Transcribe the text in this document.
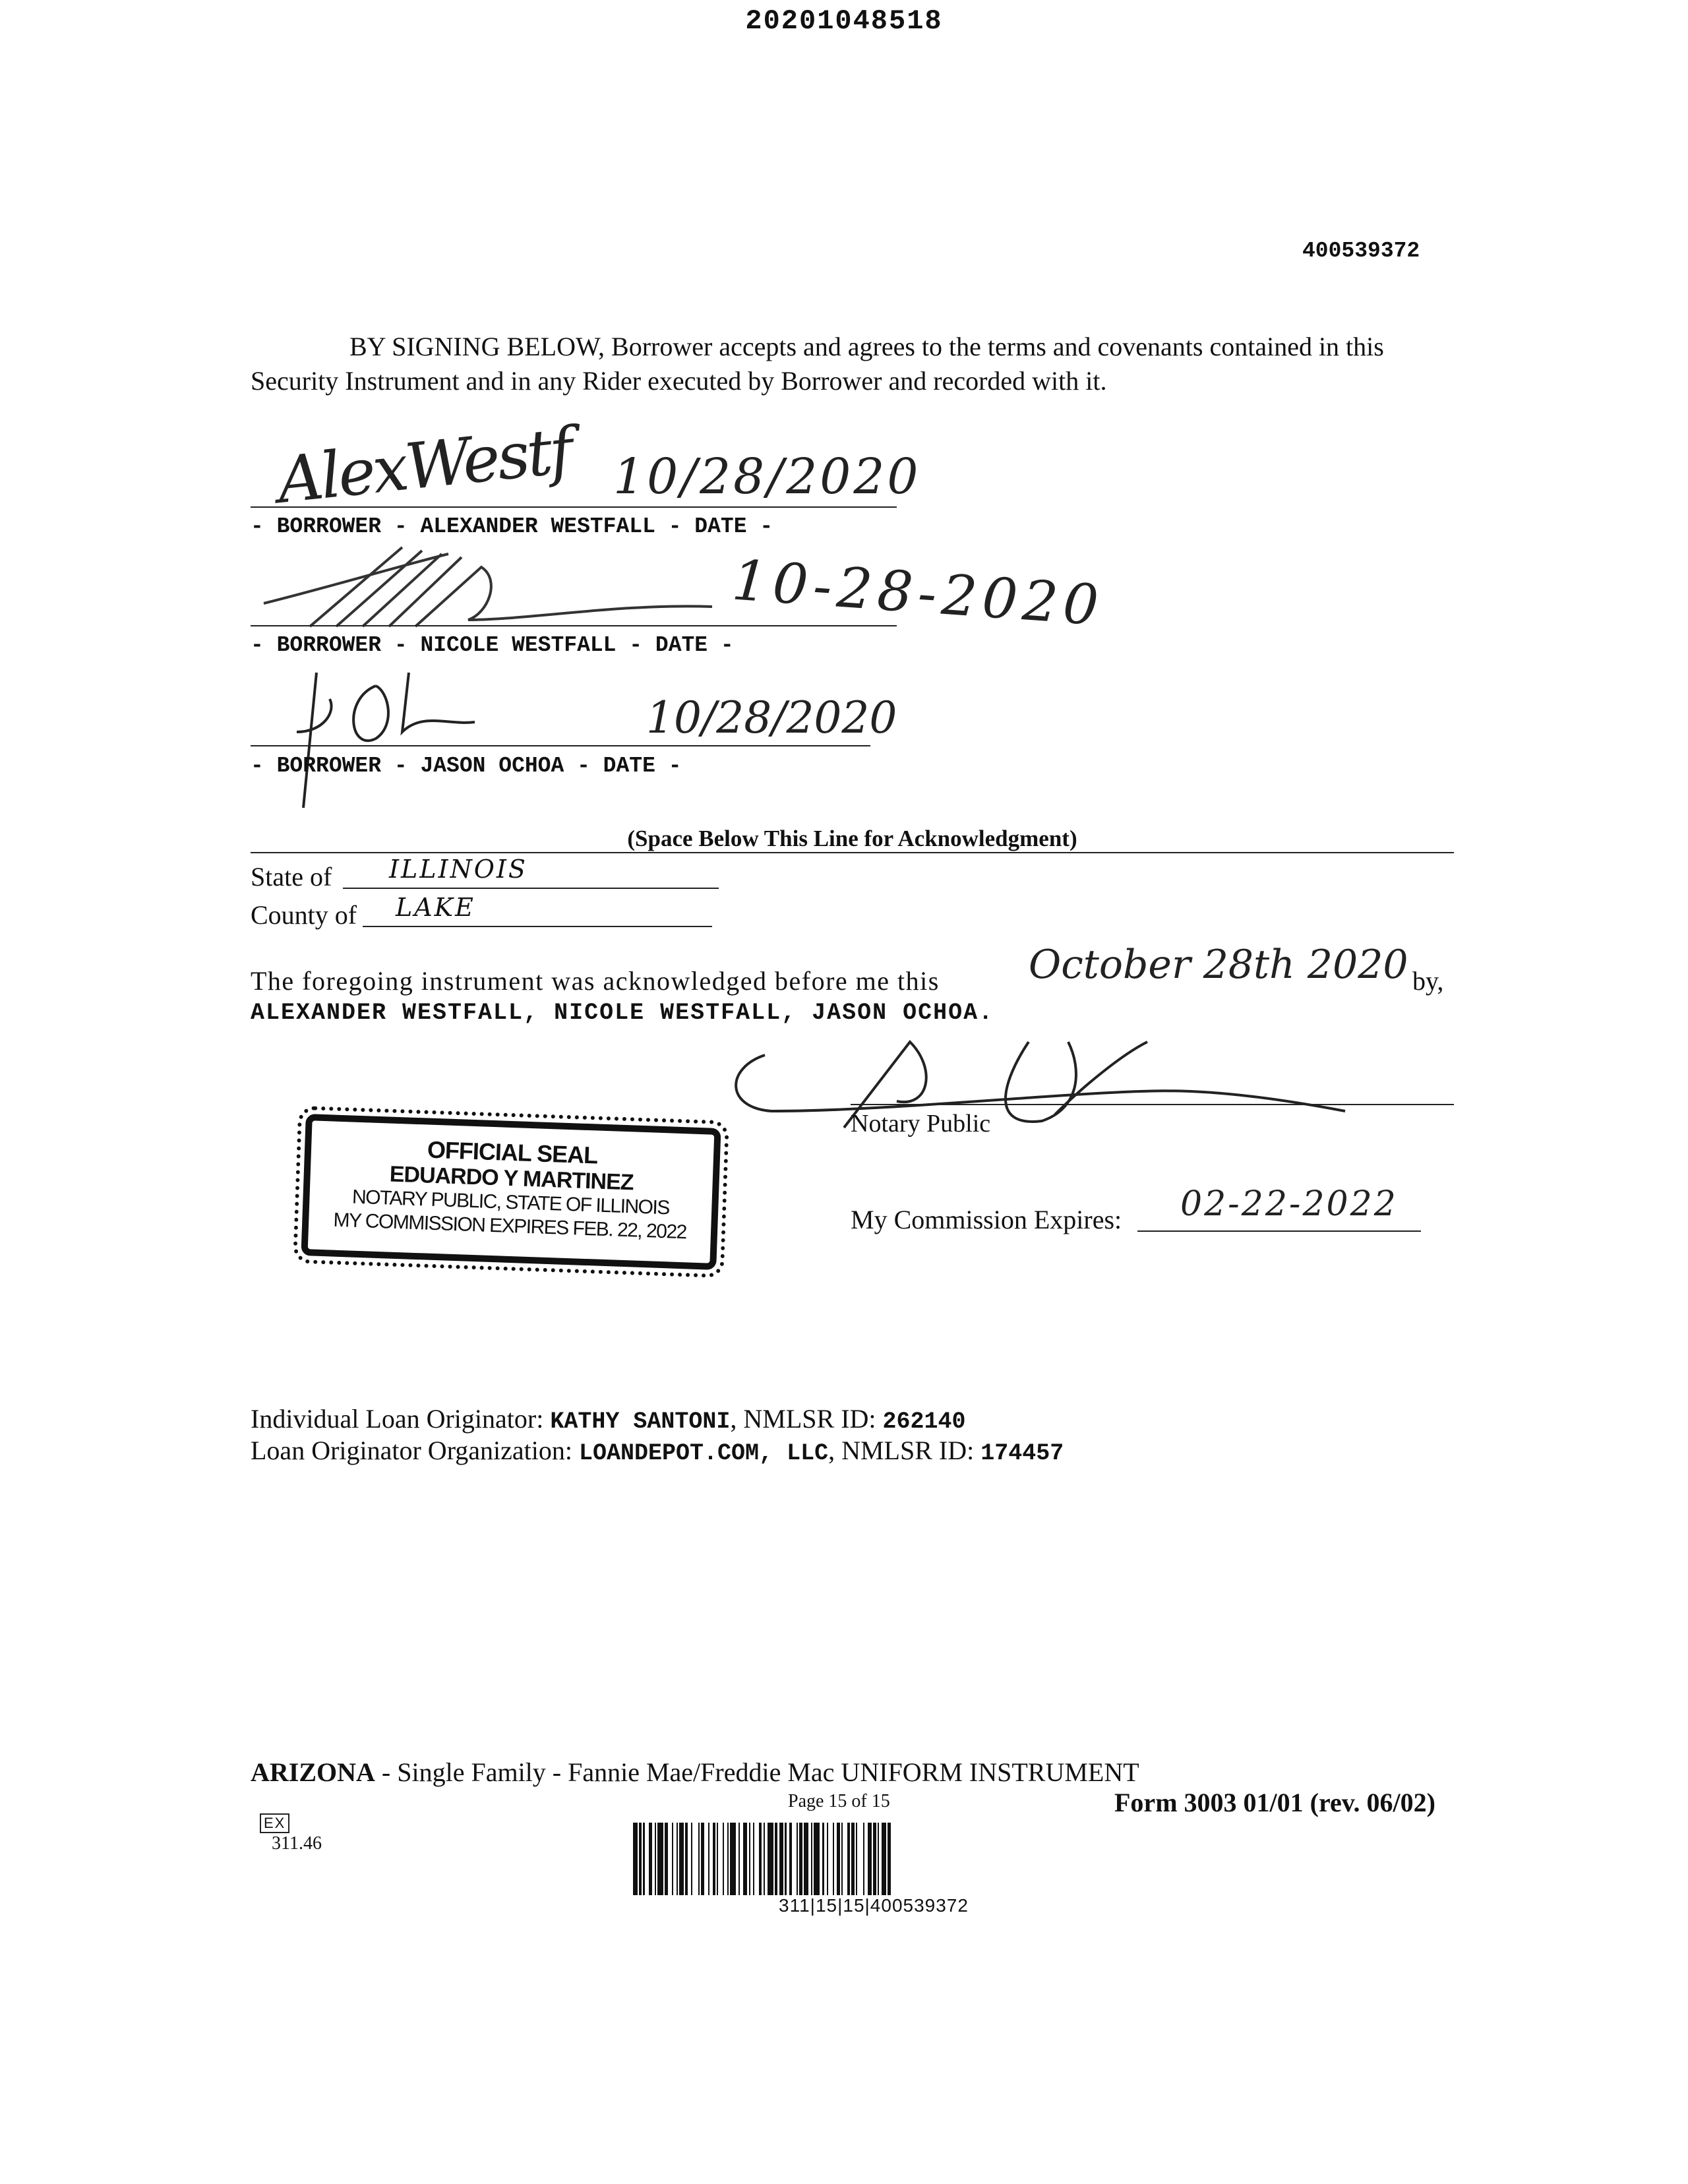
20201048518
400539372
BY SIGNING BELOW, Borrower accepts and agrees to the terms and covenants contained in this
Security Instrument and in any Rider executed by Borrower and recorded with it.
AlexWestf 10/28/2020
- BORROWER - ALEXANDER WESTFALL - DATE -
10-28-2020
- BORROWER - NICOLE WESTFALL - DATE -
10/28/2020
- BORROWER - JASON OCHOA - DATE -
(Space Below This Line for Acknowledgment)
State of ILLINOIS
County of LAKE
The foregoing instrument was acknowledged before me this October 28th 2020 by,
ALEXANDER WESTFALL, NICOLE WESTFALL, JASON OCHOA.
Notary Public
OFFICIAL SEAL
EDUARDO Y MARTINEZ
NOTARY PUBLIC, STATE OF ILLINOIS
MY COMMISSION EXPIRES FEB. 22, 2022	My Commission Expires: 02-22-2022
Individual Loan Originator: KATHY SANTONI, NMLSR ID: 262140
Loan Originator Organization: LOANDEPOT.COM, LLC, NMLSR ID: 174457
ARIZONA - Single Family - Fannie Mae/Freddie Mac UNIFORM INSTRUMENT

EX
311.46

Page 15 of 15	Form 3003 01/01 (rev. 06/02)
311|15|15|400539372
